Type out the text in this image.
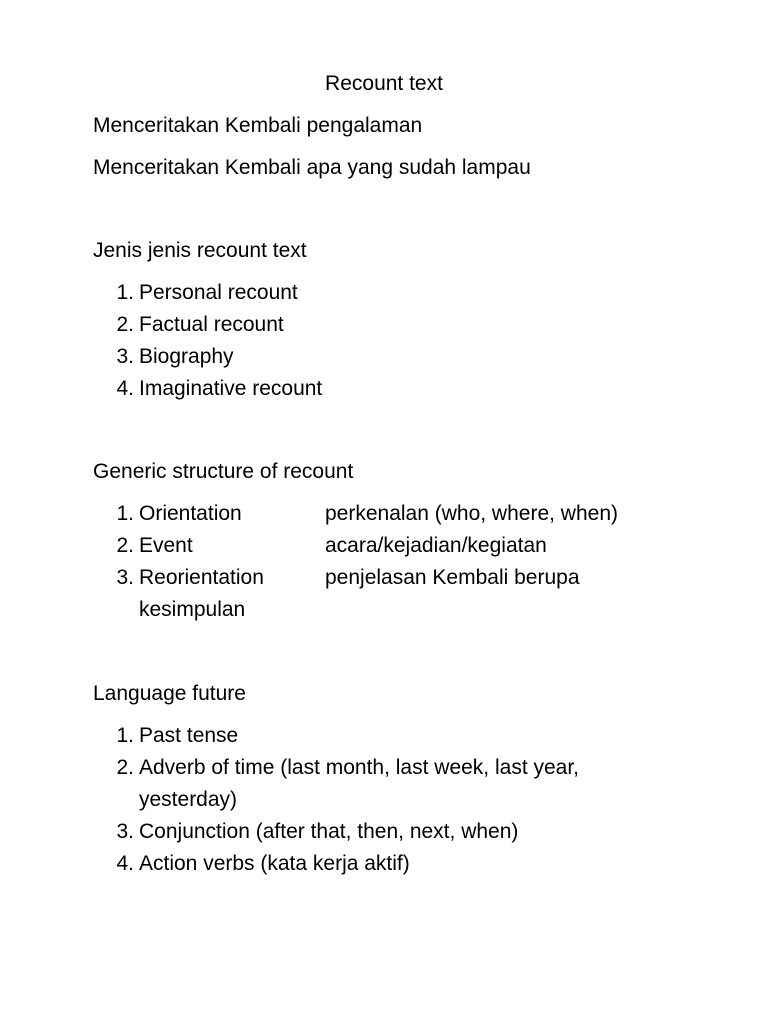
Recount text
Menceritakan Kembali pengalaman
Menceritakan Kembali apa yang sudah lampau
Jenis jenis recount text
1. Personal recount
2. Factual recount
3. Biography
4. Imaginative recount
Generic structure of recount
1. Orientation	perkenalan (who, where, when)
2. Event	acara/kejadian/kegiatan
3. Reorientation	penjelasan Kembali berupa
kesimpulan
Language future
1. Past tense
2. Adverb of time (last month, last week, last year,
yesterday)
3. Conjunction (after that, then, next, when)
4. Action verbs (kata kerja aktif)
